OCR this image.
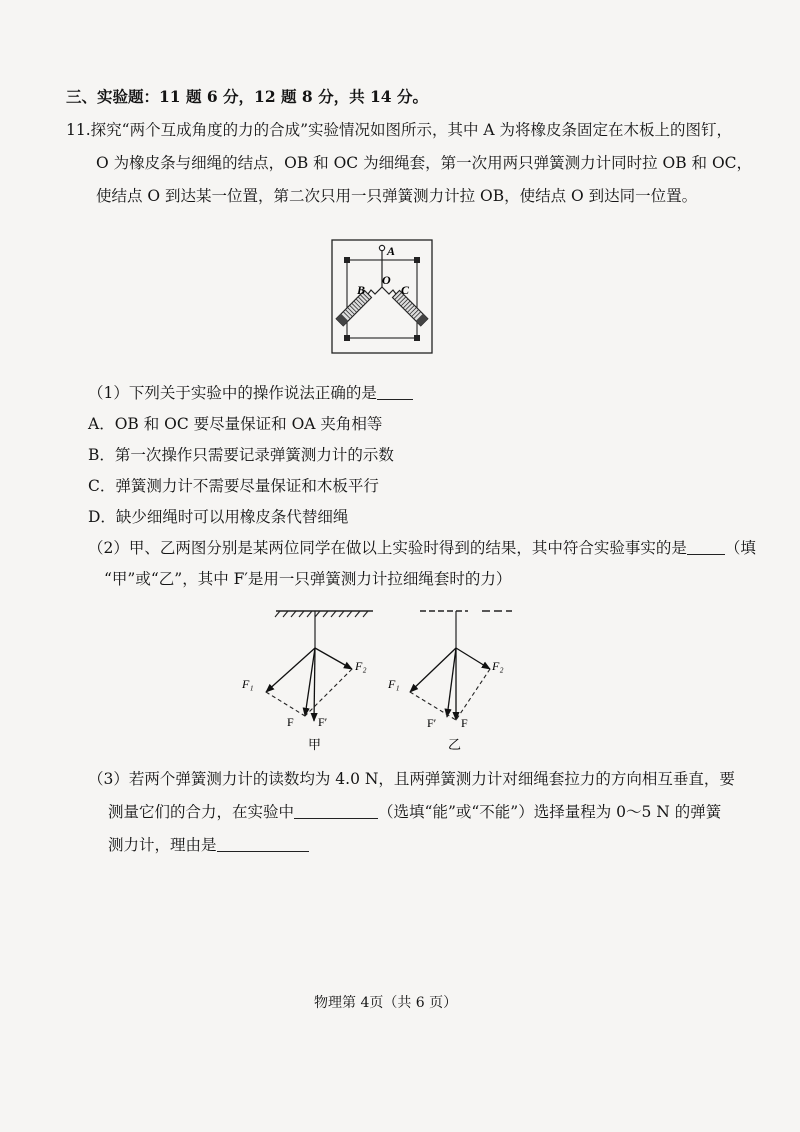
三、实验题：11 题 6 分，12 题 8 分，共 14 分。
11.探究“两个互成角度的力的合成”实验情况如图所示，其中 A 为将橡皮条固定在木板上的图钉，
O 为橡皮条与细绳的结点，OB 和 OC 为细绳套，第一次用两只弹簧测力计同时拉 OB 和 OC，
使结点 O 到达某一位置，第二次只用一只弹簧测力计拉 OB，使结点 O 到达同一位置。
A
O
B	C
（1）下列关于实验中的操作说法正确的是
A．OB 和 OC 要尽量保证和 OA 夹角相等
B．第一次操作只需要记录弹簧测力计的示数
C．弹簧测力计不需要尽量保证和木板平行
D．缺少细绳时可以用橡皮条代替细绳
（2）甲、乙两图分别是某两位同学在做以上实验时得到的结果，其中符合实验事实的是 （填
“甲”或“乙”，其中 F′是用一只弹簧测力计拉细绳套时的力）
F₁
F₂
F F′
甲
F₁
F₂
F′ F
乙
（3）若两个弹簧测力计的读数均为 4.0 N，且两弹簧测力计对细绳套拉力的方向相互垂直，要
测量它们的合力，在实验中	（选填“能”或“不能”）选择量程为 0～5 N 的弹簧
测力计，理由是
物理第 4页（共 6 页）
